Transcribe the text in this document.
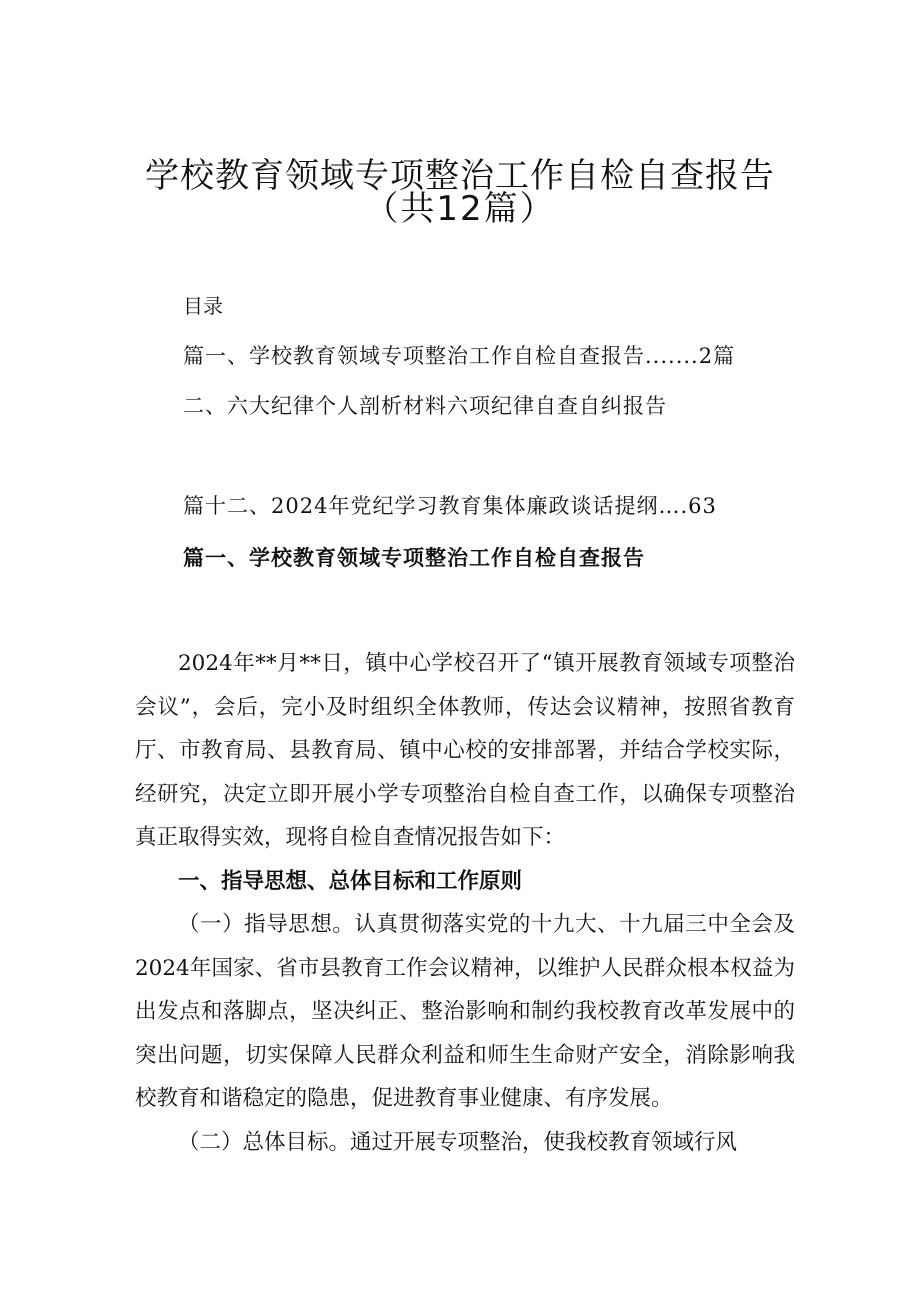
学校教育领域专项整治工作自检自查报告
（共12篇）
目录
篇一、学校教育领域专项整治工作自检自查报告.......2篇
二、六大纪律个人剖析材料六项纪律自查自纠报告
篇十二、2024年党纪学习教育集体廉政谈话提纲….63
篇一、学校教育领域专项整治工作自检自查报告

2024年**月**日，镇中心学校召开了“镇开展教育领域专项整治会议”，会后，完小及时组织全体教师，传达会议精神，按照省教育厅、市教育局、县教育局、镇中心校的安排部署，并结合学校实际，经研究，决定立即开展小学专项整治自检自查工作，以确保专项整治真正取得实效，现将自检自查情况报告如下：

一、指导思想、总体目标和工作原则

（一）指导思想。认真贯彻落实党的十九大、十九届三中全会及2024年国家、省市县教育工作会议精神，以维护人民群众根本权益为出发点和落脚点，坚决纠正、整治影响和制约我校教育改革发展中的突出问题，切实保障人民群众利益和师生生命财产安全，消除影响我校教育和谐稳定的隐患，促进教育事业健康、有序发展。

（二）总体目标。通过开展专项整治，使我校教育领域行风
